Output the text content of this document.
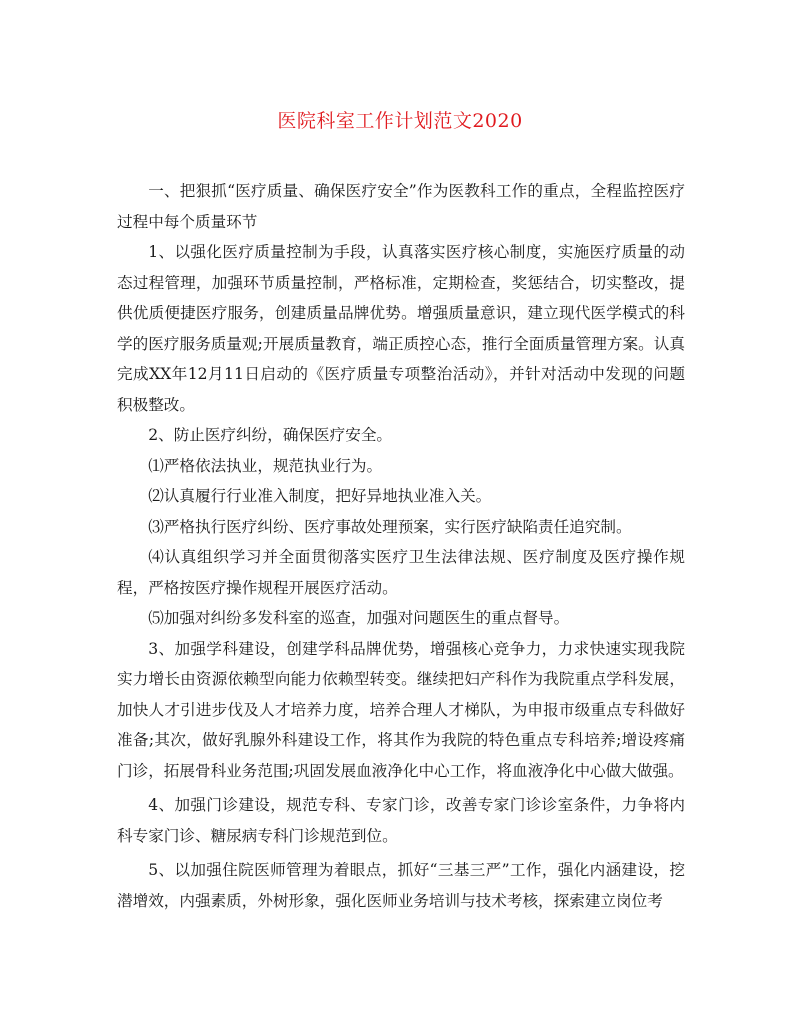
医院科室工作计划范文2020

一、把狠抓“医疗质量、确保医疗安全”作为医教科工作的重点，全程监控医疗过程中每个质量环节

1、以强化医疗质量控制为手段，认真落实医疗核心制度，实施医疗质量的动态过程管理，加强环节质量控制，严格标准，定期检查，奖惩结合，切实整改，提供优质便捷医疗服务，创建质量品牌优势。增强质量意识，建立现代医学模式的科学的医疗服务质量观;开展质量教育，端正质控心态，推行全面质量管理方案。认真完成XX年12月11日启动的《医疗质量专项整治活动》，并针对活动中发现的问题积极整改。

2、防止医疗纠纷，确保医疗安全。

⑴严格依法执业，规范执业行为。

⑵认真履行行业准入制度，把好异地执业准入关。

⑶严格执行医疗纠纷、医疗事故处理预案，实行医疗缺陷责任追究制。

⑷认真组织学习并全面贯彻落实医疗卫生法律法规、医疗制度及医疗操作规程，严格按医疗操作规程开展医疗活动。

⑸加强对纠纷多发科室的巡查，加强对问题医生的重点督导。

3、加强学科建设，创建学科品牌优势，增强核心竞争力，力求快速实现我院实力增长由资源依赖型向能力依赖型转变。继续把妇产科作为我院重点学科发展，加快人才引进步伐及人才培养力度，培养合理人才梯队，为申报市级重点专科做好准备;其次，做好乳腺外科建设工作，将其作为我院的特色重点专科培养;增设疼痛门诊，拓展骨科业务范围;巩固发展血液净化中心工作，将血液净化中心做大做强。

4、加强门诊建设，规范专科、专家门诊，改善专家门诊诊室条件，力争将内科专家门诊、糖尿病专科门诊规范到位。

5、以加强住院医师管理为着眼点，抓好“三基三严”工作，强化内涵建设，挖潜增效，内强素质，外树形象，强化医师业务培训与技术考核，探索建立岗位考
